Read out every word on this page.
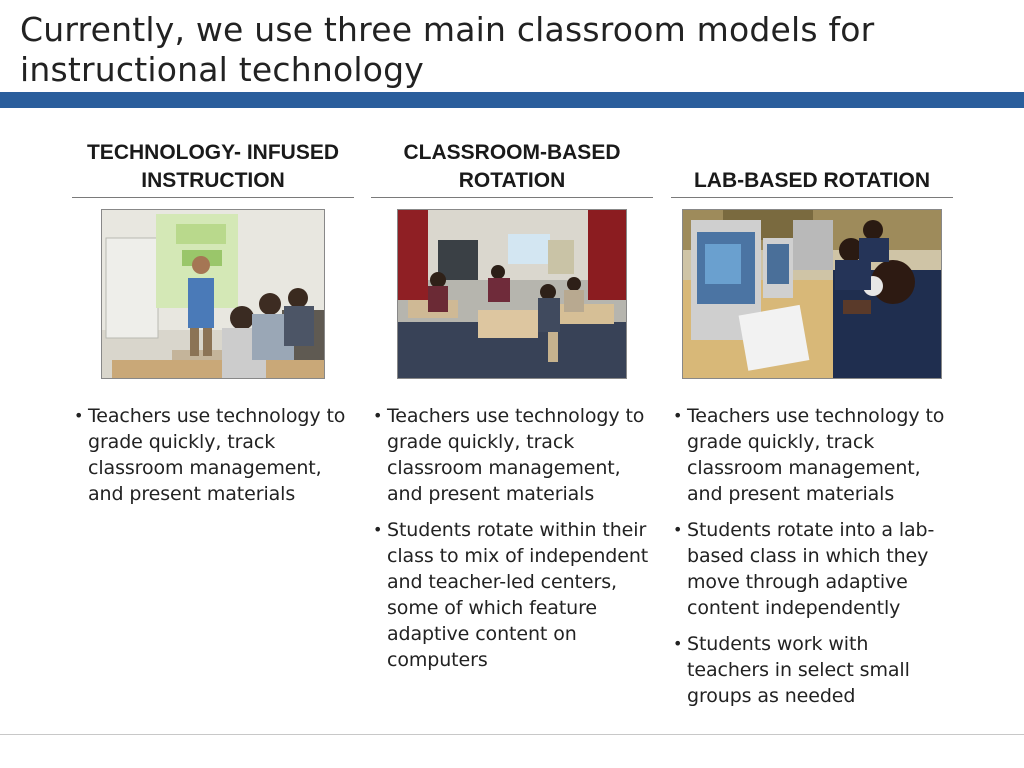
Currently, we use three main classroom models for instructional technology
TECHNOLOGY- INFUSED INSTRUCTION
• Teachers use technology to grade quickly, track classroom management, and present materials
CLASSROOM-BASED ROTATION
• Teachers use technology to grade quickly, track classroom management, and present materials
• Students rotate within their class to mix of independent and teacher-led centers, some of which feature adaptive content on computers
LAB-BASED ROTATION
• Teachers use technology to grade quickly, track classroom management, and present materials
• Students rotate into a lab-based class in which they move through adaptive content independently
• Students work with teachers in select small groups as needed
